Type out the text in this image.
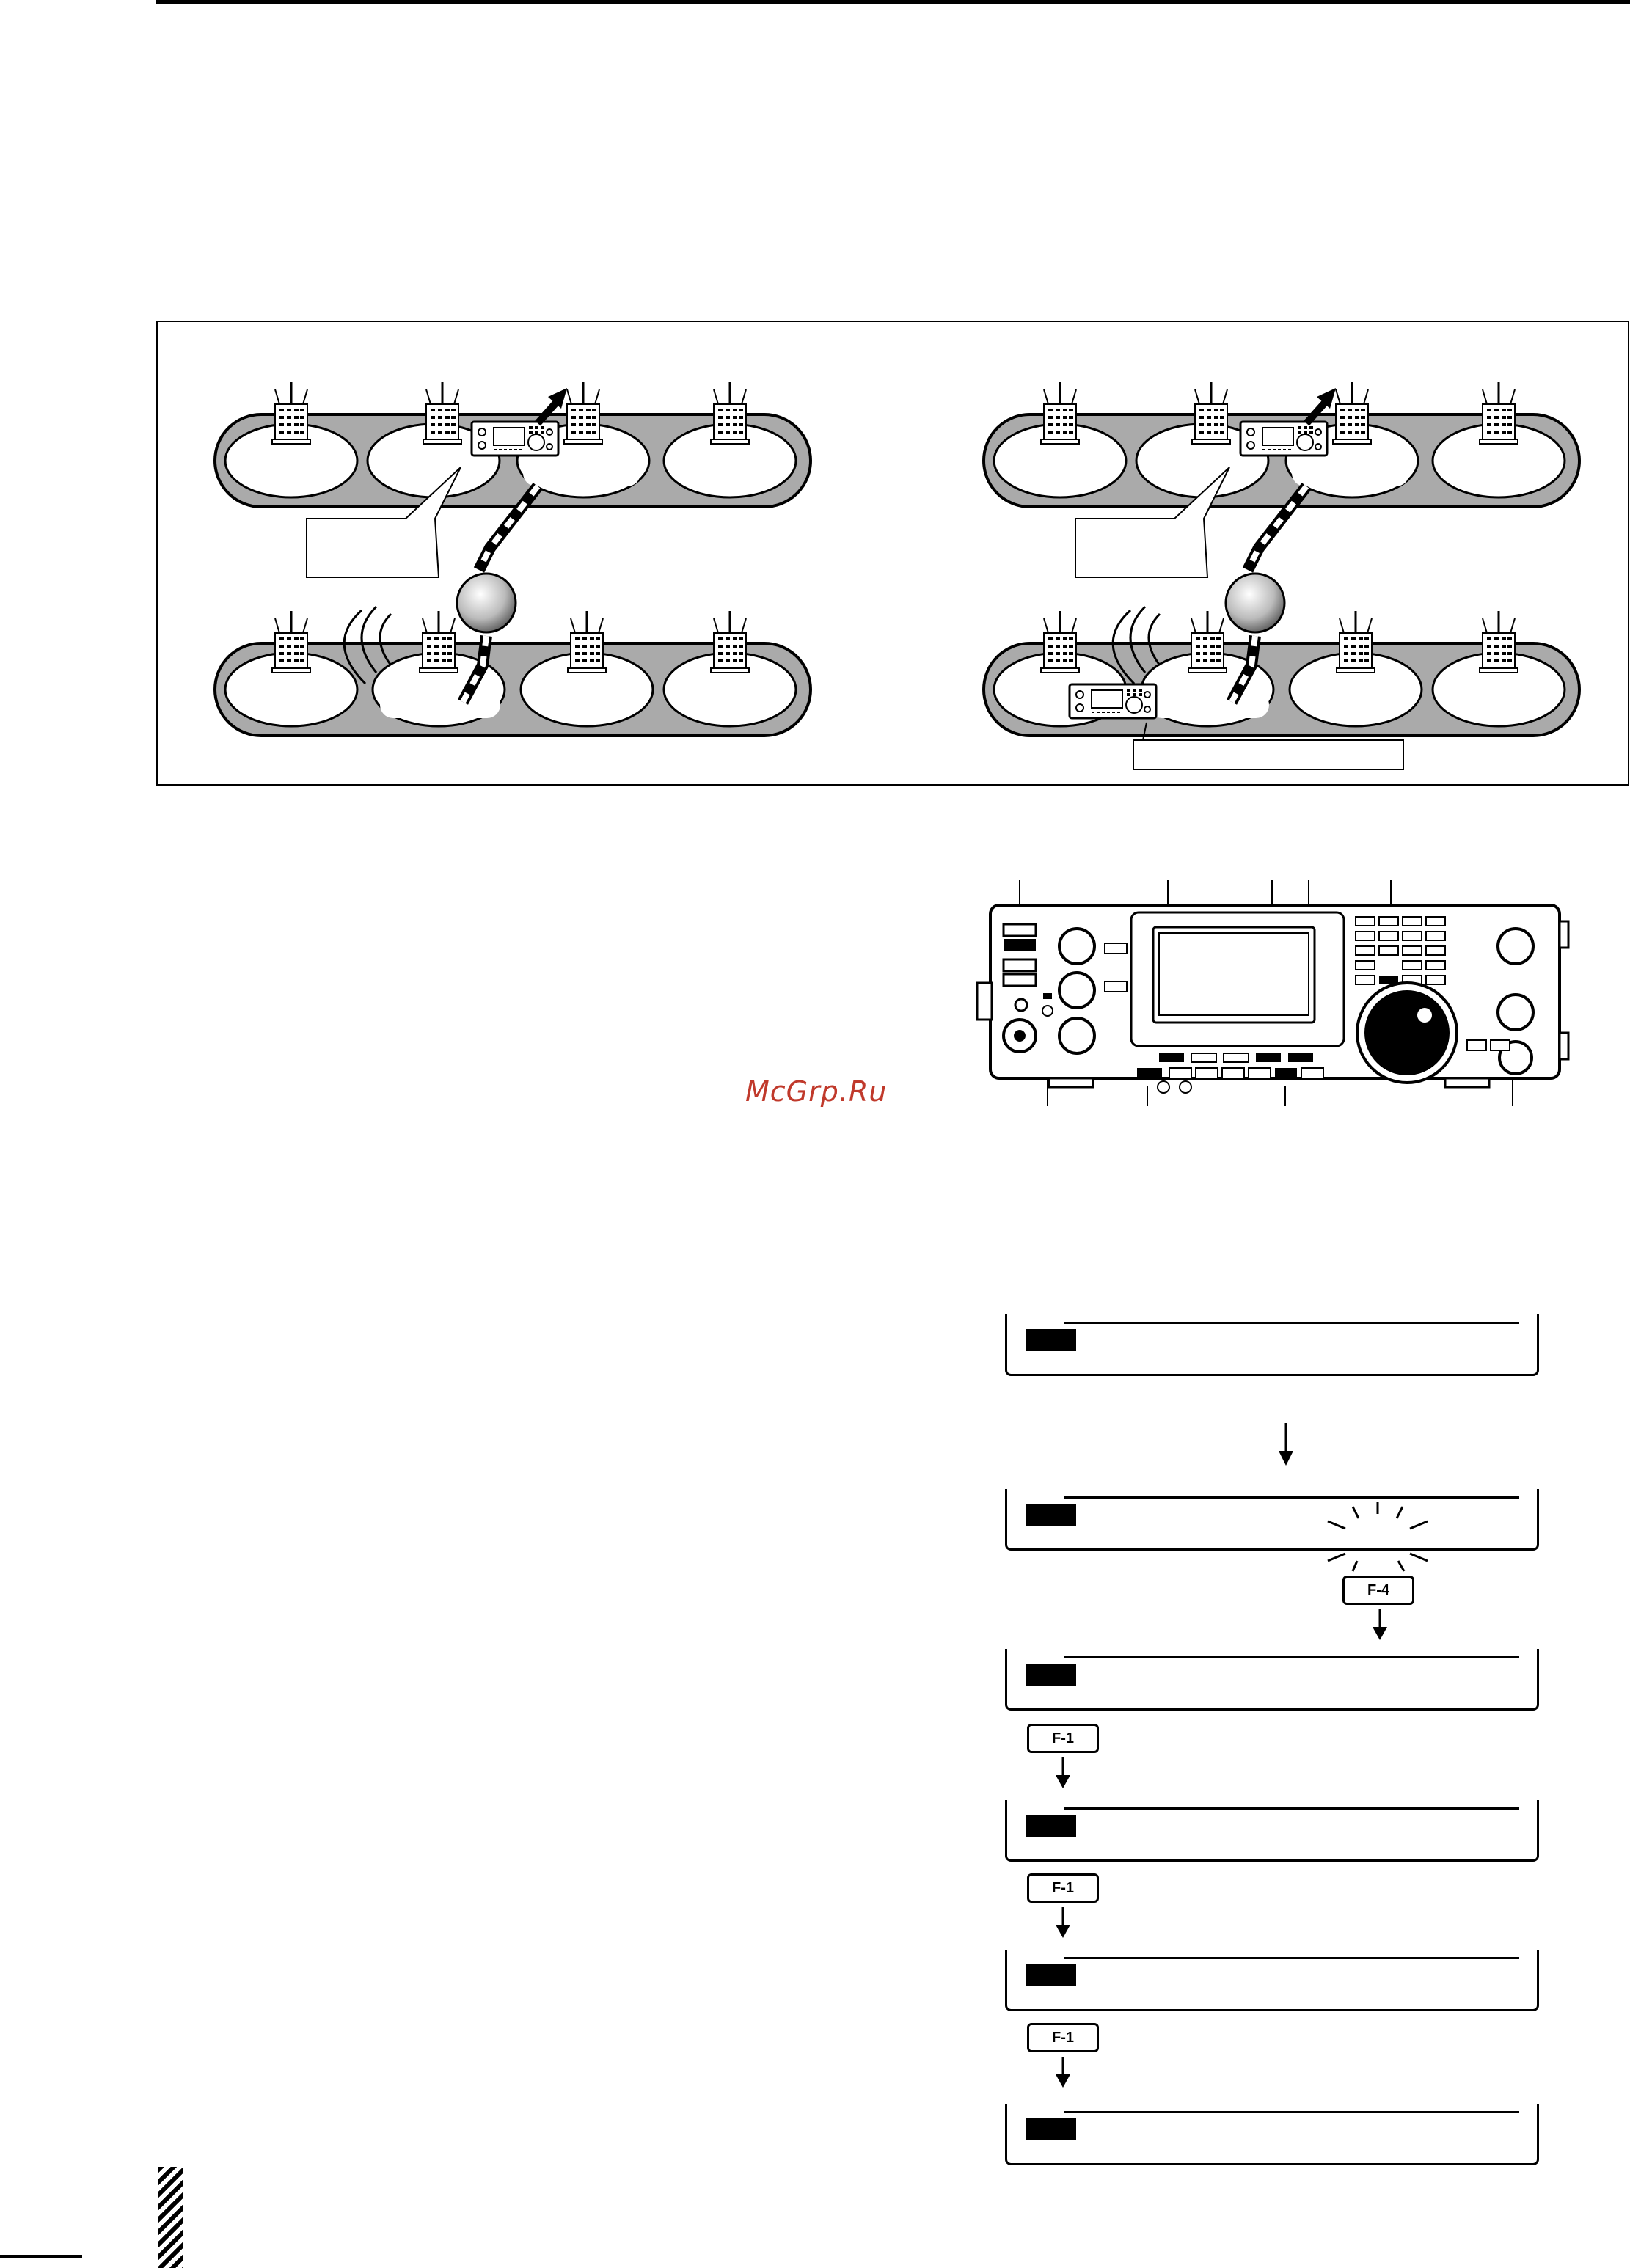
McGrp.Ru
F-4
F-1
F-1
F-1
